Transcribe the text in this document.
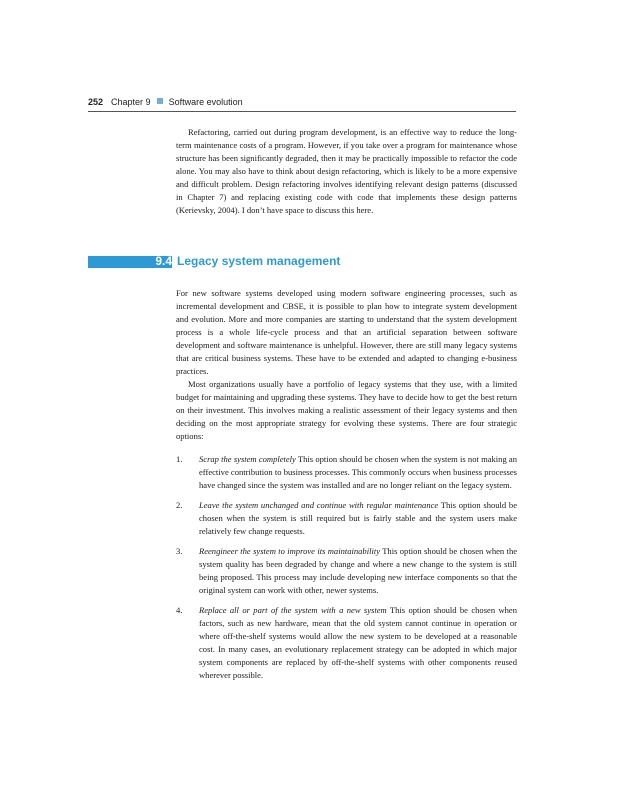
252 Chapter 9 Software evolution

Refactoring, carried out during program development, is an effective way to reduce the long-term maintenance costs of a program. However, if you take over a program for maintenance whose structure has been significantly degraded, then it may be practically impossible to refactor the code alone. You may also have to think about design refactoring, which is likely to be a more expensive and difficult problem. Design refactoring involves identifying relevant design patterns (discussed in Chapter 7) and replacing existing code with code that implements these design patterns (Kerievsky, 2004). I don’t have space to discuss this here.

9.4 Legacy system management

For new software systems developed using modern software engineering processes, such as incremental development and CBSE, it is possible to plan how to integrate system development and evolution. More and more companies are starting to understand that the system development process is a whole life-cycle process and that an artificial separation between software development and software maintenance is unhelpful. However, there are still many legacy systems that are critical business systems. These have to be extended and adapted to changing e-business practices.

Most organizations usually have a portfolio of legacy systems that they use, with a limited budget for maintaining and upgrading these systems. They have to decide how to get the best return on their investment. This involves making a realistic assessment of their legacy systems and then deciding on the most appropriate strategy for evolving these systems. There are four strategic options:

1. Scrap the system completely This option should be chosen when the system is not making an effective contribution to business processes. This commonly occurs when business processes have changed since the system was installed and are no longer reliant on the legacy system.
2. Leave the system unchanged and continue with regular maintenance This option should be chosen when the system is still required but is fairly stable and the system users make relatively few change requests.
3. Reengineer the system to improve its maintainability This option should be chosen when the system quality has been degraded by change and where a new change to the system is still being proposed. This process may include developing new interface components so that the original system can work with other, newer systems.
4. Replace all or part of the system with a new system This option should be chosen when factors, such as new hardware, mean that the old system cannot continue in operation or where off-the-shelf systems would allow the new system to be developed at a reasonable cost. In many cases, an evolutionary replacement strategy can be adopted in which major system components are replaced by off-the-shelf systems with other components reused wherever possible.
